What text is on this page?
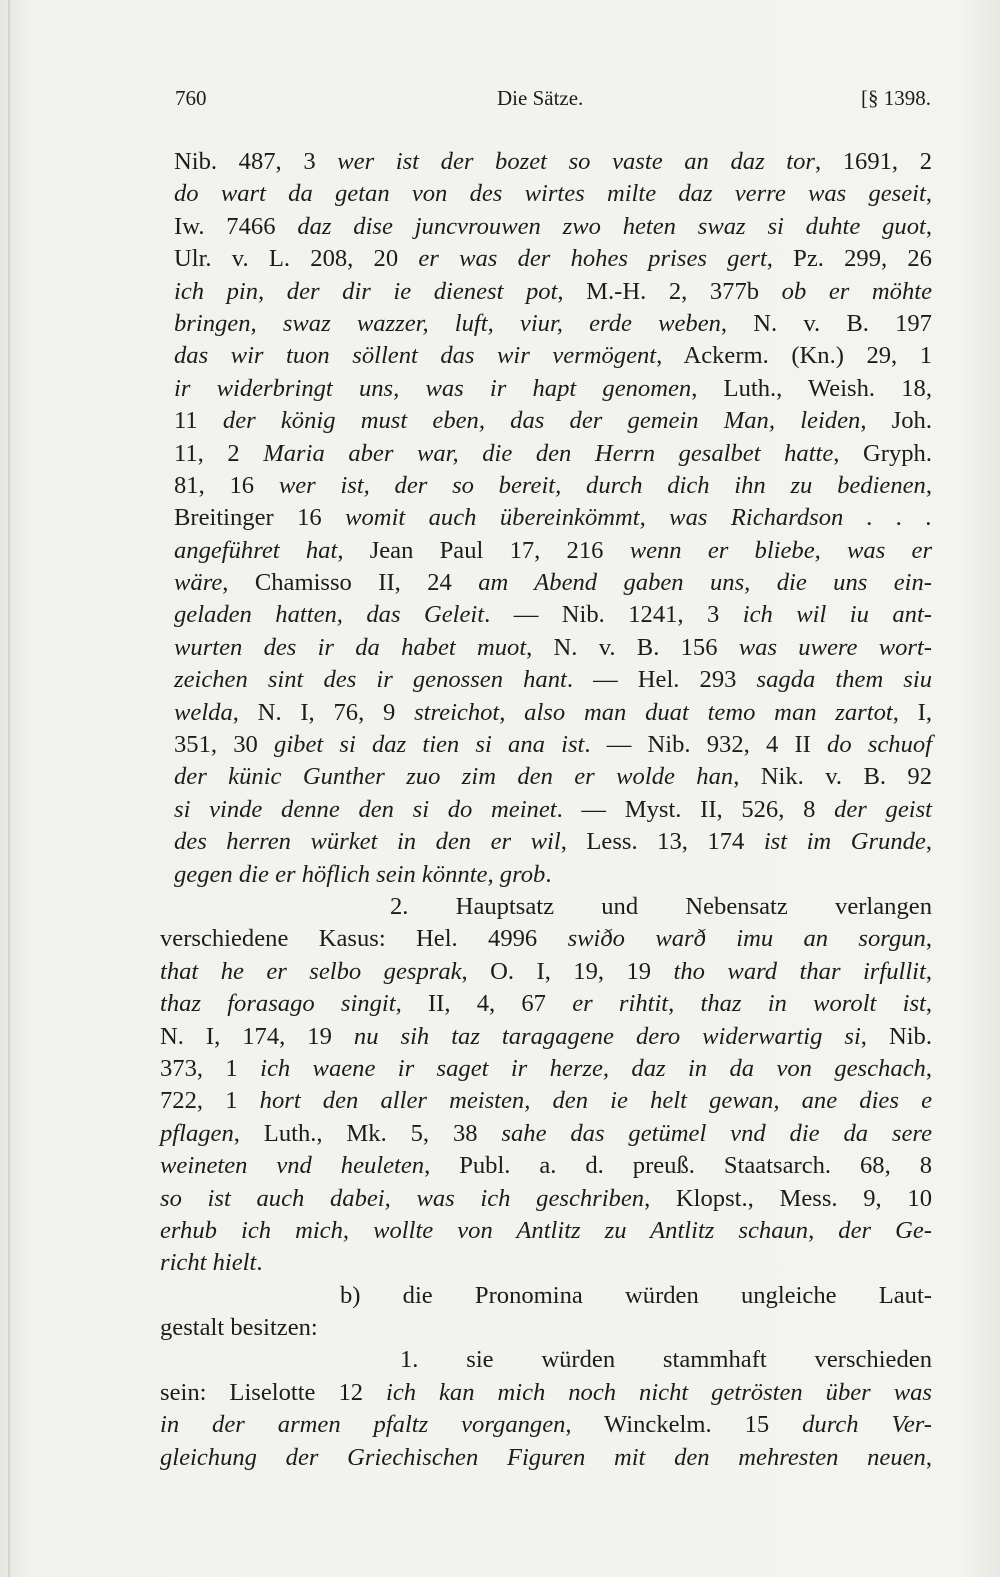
760	Die Sätze.	[§ 1398.
Nib. 487, 3 wer ist der bozet so vaste an daz tor, 1691, 2
do wart da getan von des wirtes milte daz verre was geseit,
Iw. 7466 daz dise juncvrouwen zwo heten swaz si duhte guot,
Ulr. v. L. 208, 20 er was der hohes prises gert, Pz. 299, 26
ich pin, der dir ie dienest pot, M.-H. 2, 377b ob er möhte
bringen, swaz wazzer, luft, viur, erde weben, N. v. B. 197
das wir tuon söllent das wir vermögent, Ackerm. (Kn.) 29, 1
ir widerbringt uns, was ir hapt genomen, Luth., Weish. 18,
11 der könig must eben, das der gemein Man, leiden, Joh.
11, 2 Maria aber war, die den Herrn gesalbet hatte, Gryph.
81, 16 wer ist, der so bereit, durch dich ihn zu bedienen,
Breitinger 16 womit auch übereinkömmt, was Richardson . . .
angeführet hat, Jean Paul 17, 216 wenn er bliebe, was er
wäre, Chamisso II, 24 am Abend gaben uns, die uns ein-
geladen hatten, das Geleit. — Nib. 1241, 3 ich wil iu ant-
wurten des ir da habet muot, N. v. B. 156 was uwere wort-
zeichen sint des ir genossen hant. — Hel. 293 sagda them siu
welda, N. I, 76, 9 streichot, also man duat temo man zartot, I,
351, 30 gibet si daz tien si ana ist. — Nib. 932, 4 II do schuof
der künic Gunther zuo zim den er wolde han, Nik. v. B. 92
si vinde denne den si do meinet. — Myst. II, 526, 8 der geist
des herren würket in den er wil, Less. 13, 174 ist im Grunde,
gegen die er höflich sein könnte, grob.
2. Hauptsatz und Nebensatz verlangen
verschiedene Kasus: Hel. 4996 swiðo warð imu an sorgun,
that he er selbo gesprak, O. I, 19, 19 tho ward thar irfullit,
thaz forasago singit, II, 4, 67 er rihtit, thaz in worolt ist,
N. I, 174, 19 nu sih taz taragagene dero widerwartig si, Nib.
373, 1 ich waene ir saget ir herze, daz in da von geschach,
722, 1 hort den aller meisten, den ie helt gewan, ane dies e
pflagen, Luth., Mk. 5, 38 sahe das getümel vnd die da sere
weineten vnd heuleten, Publ. a. d. preuß. Staatsarch. 68, 8
so ist auch dabei, was ich geschriben, Klopst., Mess. 9, 10
erhub ich mich, wollte von Antlitz zu Antlitz schaun, der Ge-
richt hielt.
b) die Pronomina würden ungleiche Laut-
gestalt besitzen:
1. sie würden stammhaft verschieden
sein: Liselotte 12 ich kan mich noch nicht getrösten über was
in der armen pfaltz vorgangen, Winckelm. 15 durch Ver-
gleichung der Griechischen Figuren mit den mehresten neuen,
